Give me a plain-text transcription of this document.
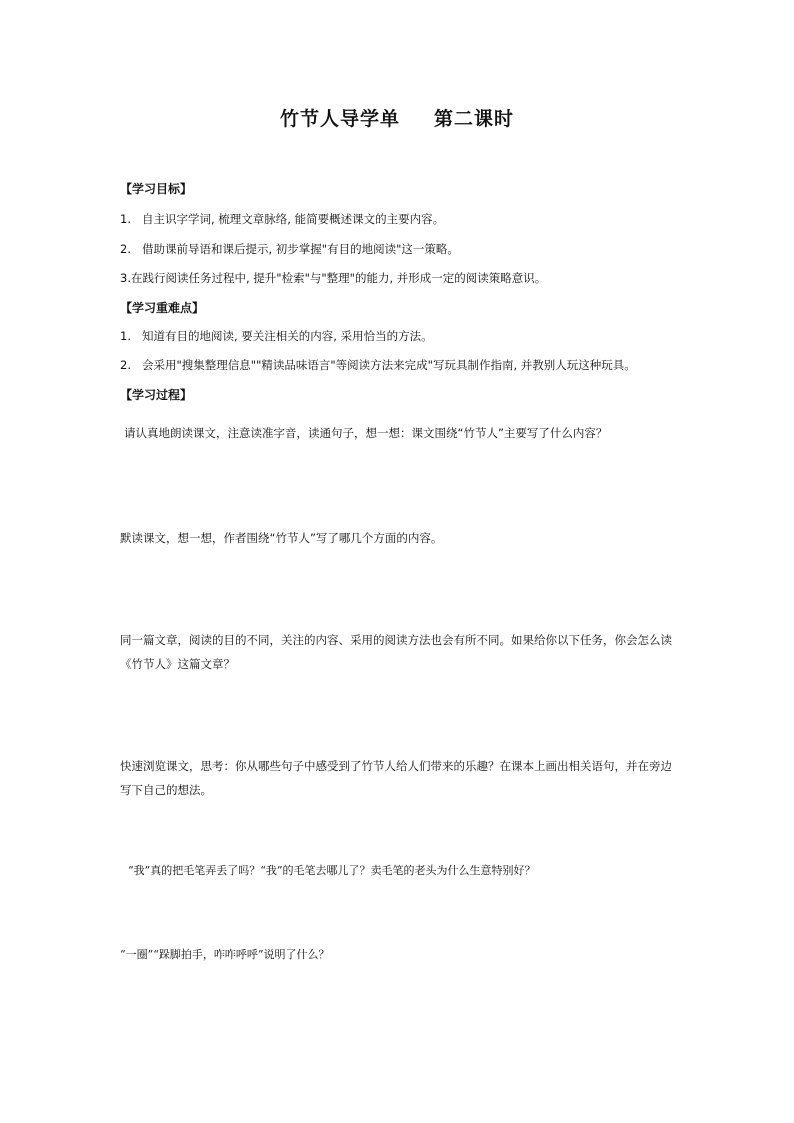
竹节人导学单 第二课时
【学习目标】
1. 自主识字学词, 梳理文章脉络, 能简要概述课文的主要内容。
2. 借助课前导语和课后提示, 初步掌握"有目的地阅读"这一策略。
3.在践行阅读任务过程中, 提升"检索"与"整理"的能力, 并形成一定的阅读策略意识。
【学习重难点】
1. 知道有目的地阅读, 要关注相关的内容, 采用恰当的方法。
2. 会采用"搜集整理信息""精读品味语言"等阅读方法来完成"写玩具制作指南, 并教别人玩这种玩具。
【学习过程】
请认真地朗读课文，注意读准字音，读通句子，想一想：课文围绕“竹节人”主要写了什么内容？
默读课文，想一想，作者围绕“竹节人”写了哪几个方面的内容。
同一篇文章，阅读的目的不同，关注的内容、采用的阅读方法也会有所不同。如果给你以下任务，你会怎么读《竹节人》这篇文章？
快速浏览课文，思考：你从哪些句子中感受到了竹节人给人们带来的乐趣？在课本上画出相关语句，并在旁边写下自己的想法。
“我”真的把毛笔弄丢了吗？“我”的毛笔去哪儿了？卖毛笔的老头为什么生意特别好？
“一圈”“跺脚拍手，咋咋呼呼”说明了什么？
